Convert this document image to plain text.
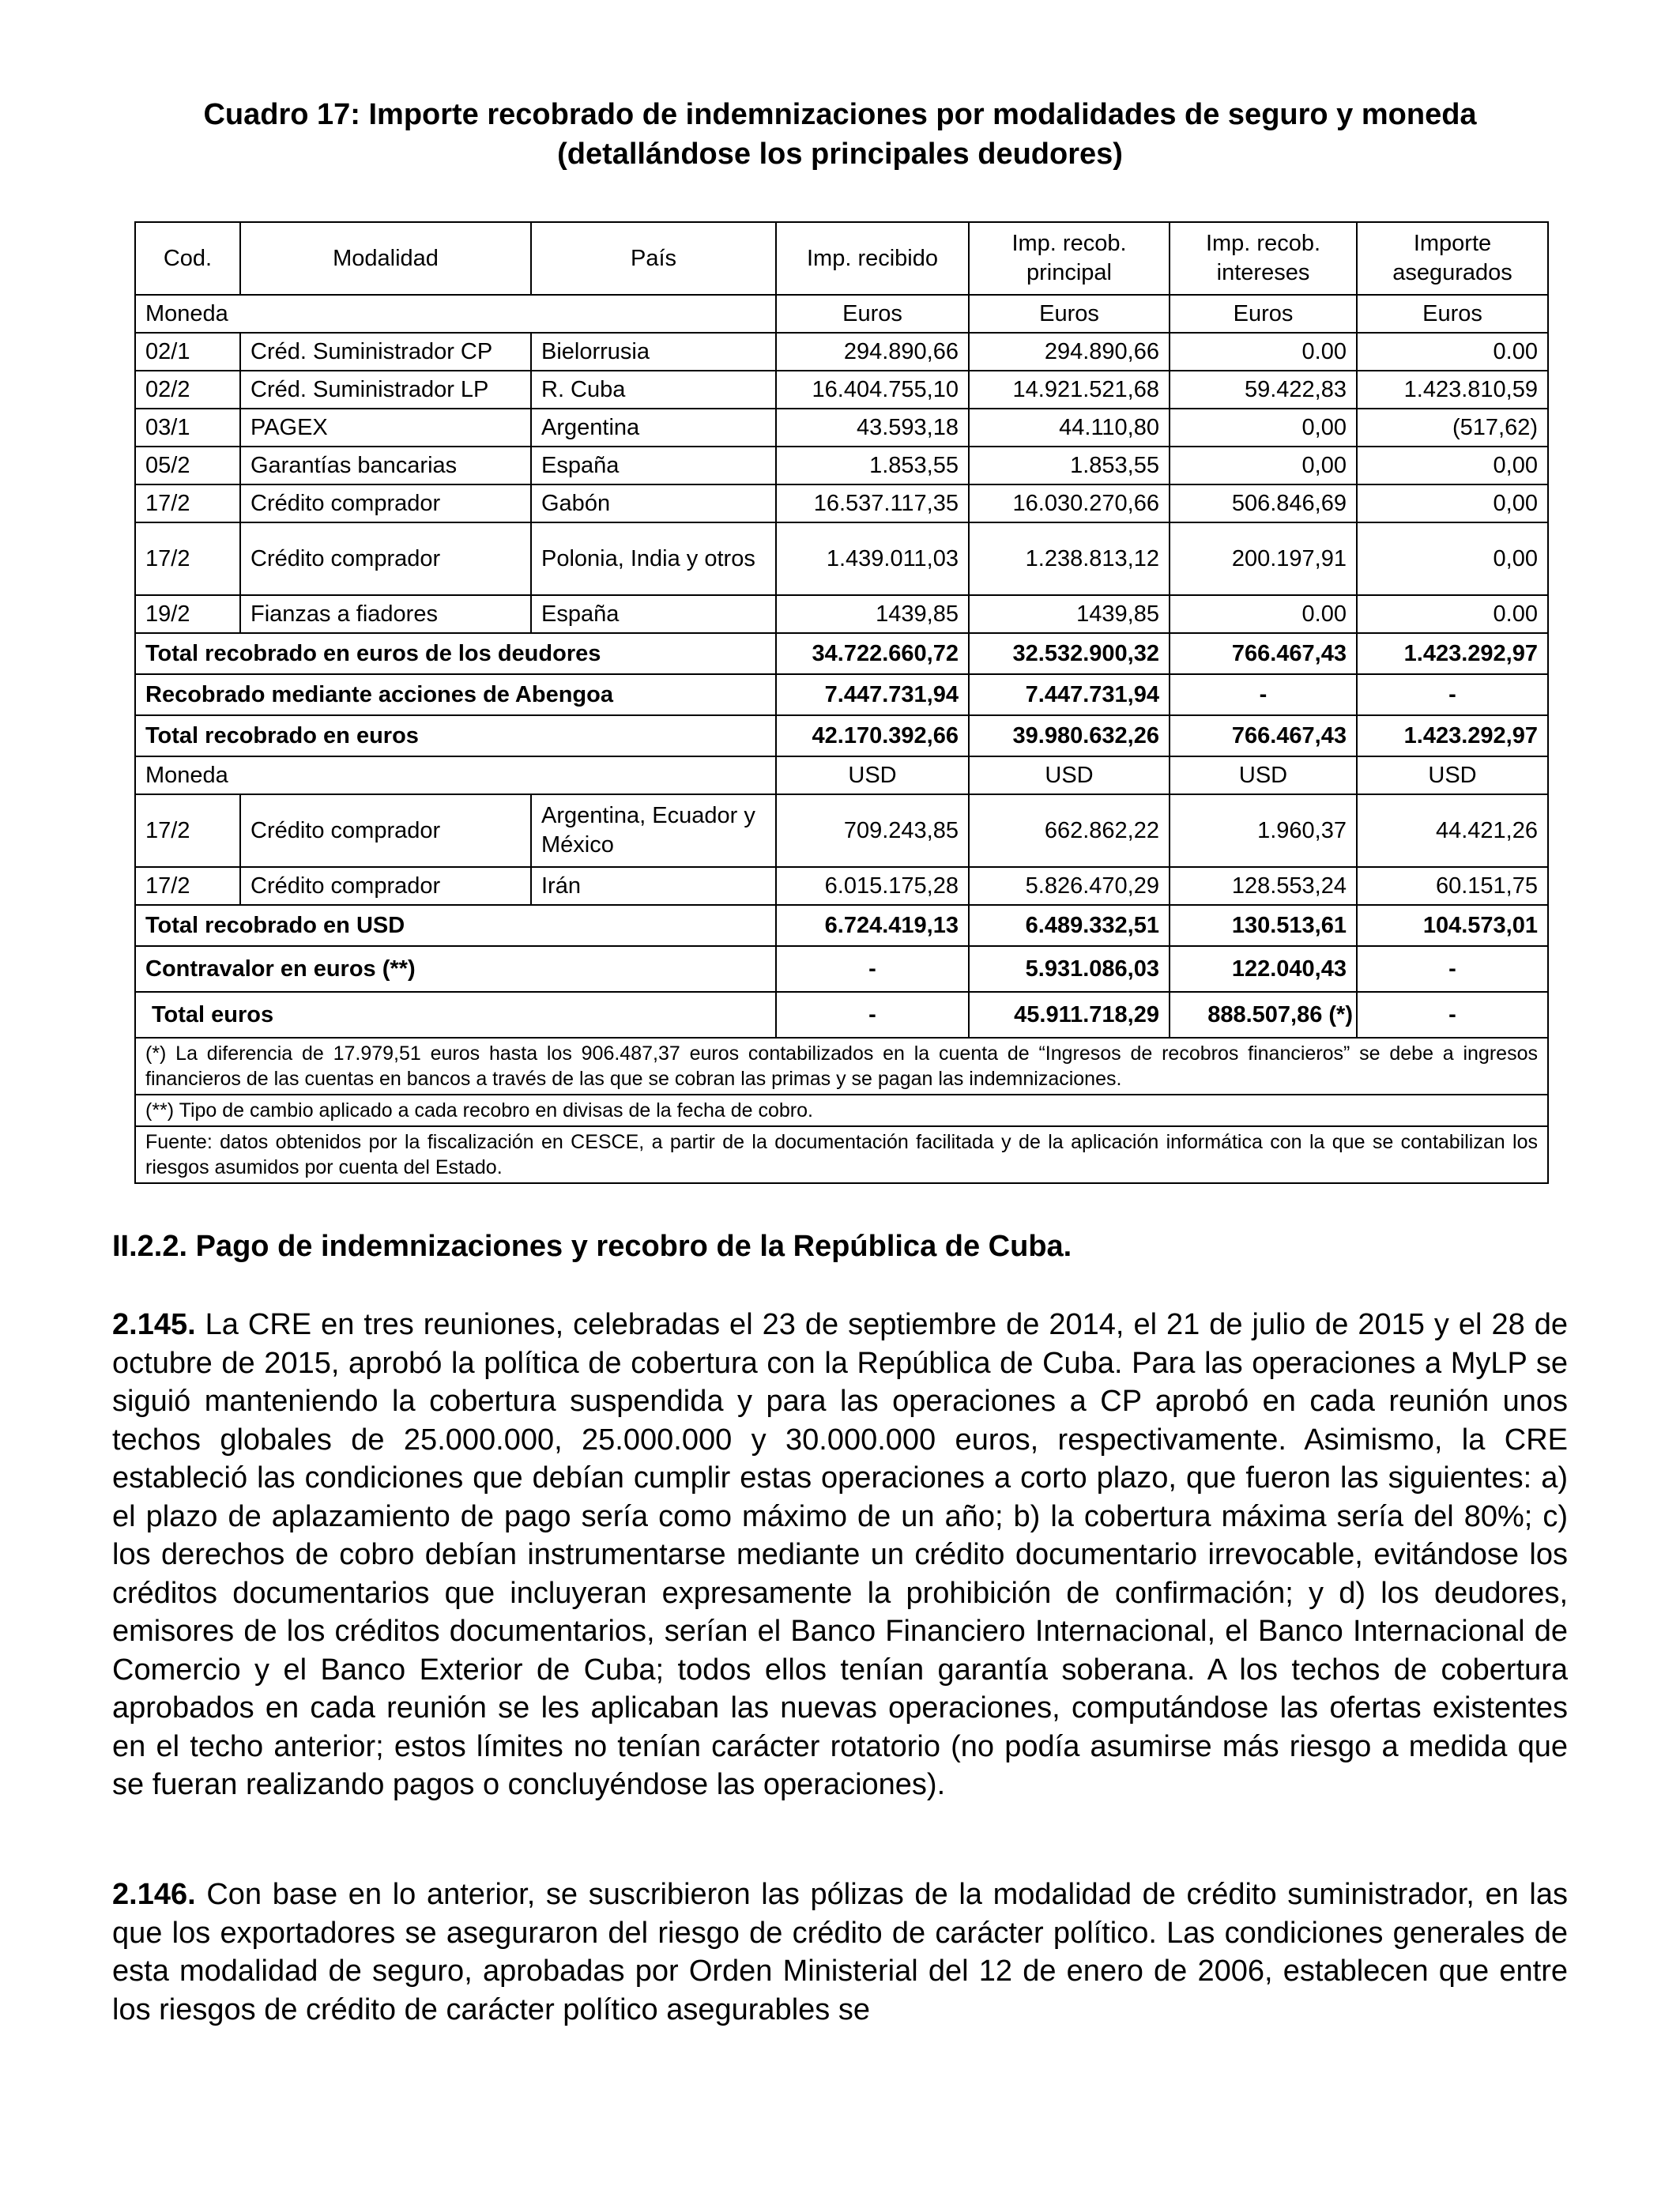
Cuadro 17: Importe recobrado de indemnizaciones por modalidades de seguro y moneda
(detallándose los principales deudores)
Cod.	Modalidad	País	Imp. recibido	Imp. recob. principal	Imp. recob. intereses	Importe asegurados
Moneda			Euros	Euros	Euros	Euros
02/1	Créd. Suministrador CP	Bielorrusia	294.890,66	294.890,66	0.00	0.00
02/2	Créd. Suministrador LP	R. Cuba	16.404.755,10	14.921.521,68	59.422,83	1.423.810,59
03/1	PAGEX	Argentina	43.593,18	44.110,80	0,00	(517,62)
05/2	Garantías bancarias	España	1.853,55	1.853,55	0,00	0,00
17/2	Crédito comprador	Gabón	16.537.117,35	16.030.270,66	506.846,69	0,00
17/2	Crédito comprador	Polonia, India y otros	1.439.011,03	1.238.813,12	200.197,91	0,00
19/2	Fianzas a fiadores	España	1439,85	1439,85	0.00	0.00
Total recobrado en euros de los deudores			34.722.660,72	32.532.900,32	766.467,43	1.423.292,97
Recobrado mediante acciones de Abengoa			7.447.731,94	7.447.731,94	-	-
Total recobrado en euros			42.170.392,66	39.980.632,26	766.467,43	1.423.292,97
Moneda			USD	USD	USD	USD
17/2	Crédito comprador	Argentina, Ecuador y México	709.243,85	662.862,22	1.960,37	44.421,26
17/2	Crédito comprador	Irán	6.015.175,28	5.826.470,29	128.553,24	60.151,75
Total recobrado en USD			6.724.419,13	6.489.332,51	130.513,61	104.573,01
Contravalor en euros (**)			-	5.931.086,03	122.040,43	-
Total euros			-	45.911.718,29	888.507,86 (*)	-
(*) La diferencia de 17.979,51 euros hasta los 906.487,37 euros contabilizados en la cuenta de “Ingresos de recobros financieros” se debe a ingresos financieros de las cuentas en bancos a través de las que se cobran las primas y se pagan las indemnizaciones.						
(**) Tipo de cambio aplicado a cada recobro en divisas de la fecha de cobro.						
Fuente: datos obtenidos por la fiscalización en CESCE, a partir de la documentación facilitada y de la aplicación informática con la que se contabilizan los riesgos asumidos por cuenta del Estado.						
II.2.2. Pago de indemnizaciones y recobro de la República de Cuba.
2.145. La CRE en tres reuniones, celebradas el 23 de septiembre de 2014, el 21 de julio de 2015 y el 28 de octubre de 2015, aprobó la política de cobertura con la República de Cuba. Para las operaciones a MyLP se siguió manteniendo la cobertura suspendida y para las operaciones a CP aprobó en cada reunión unos techos globales de 25.000.000, 25.000.000 y 30.000.000 euros, respectivamente. Asimismo, la CRE estableció las condiciones que debían cumplir estas operaciones a corto plazo, que fueron las siguientes: a) el plazo de aplazamiento de pago sería como máximo de un año; b) la cobertura máxima sería del 80%; c) los derechos de cobro debían instrumentarse mediante un crédito documentario irrevocable, evitándose los créditos documentarios que incluyeran expresamente la prohibición de confirmación; y d) los deudores, emisores de los créditos documentarios, serían el Banco Financiero Internacional, el Banco Internacional de Comercio y el Banco Exterior de Cuba; todos ellos tenían garantía soberana. A los techos de cobertura aprobados en cada reunión se les aplicaban las nuevas operaciones, computándose las ofertas existentes en el techo anterior; estos límites no tenían carácter rotatorio (no podía asumirse más riesgo a medida que se fueran realizando pagos o concluyéndose las operaciones).
2.146. Con base en lo anterior, se suscribieron las pólizas de la modalidad de crédito suministrador, en las que los exportadores se aseguraron del riesgo de crédito de carácter político. Las condiciones generales de esta modalidad de seguro, aprobadas por Orden Ministerial del 12 de enero de 2006, establecen que entre los riesgos de crédito de carácter político asegurables se
